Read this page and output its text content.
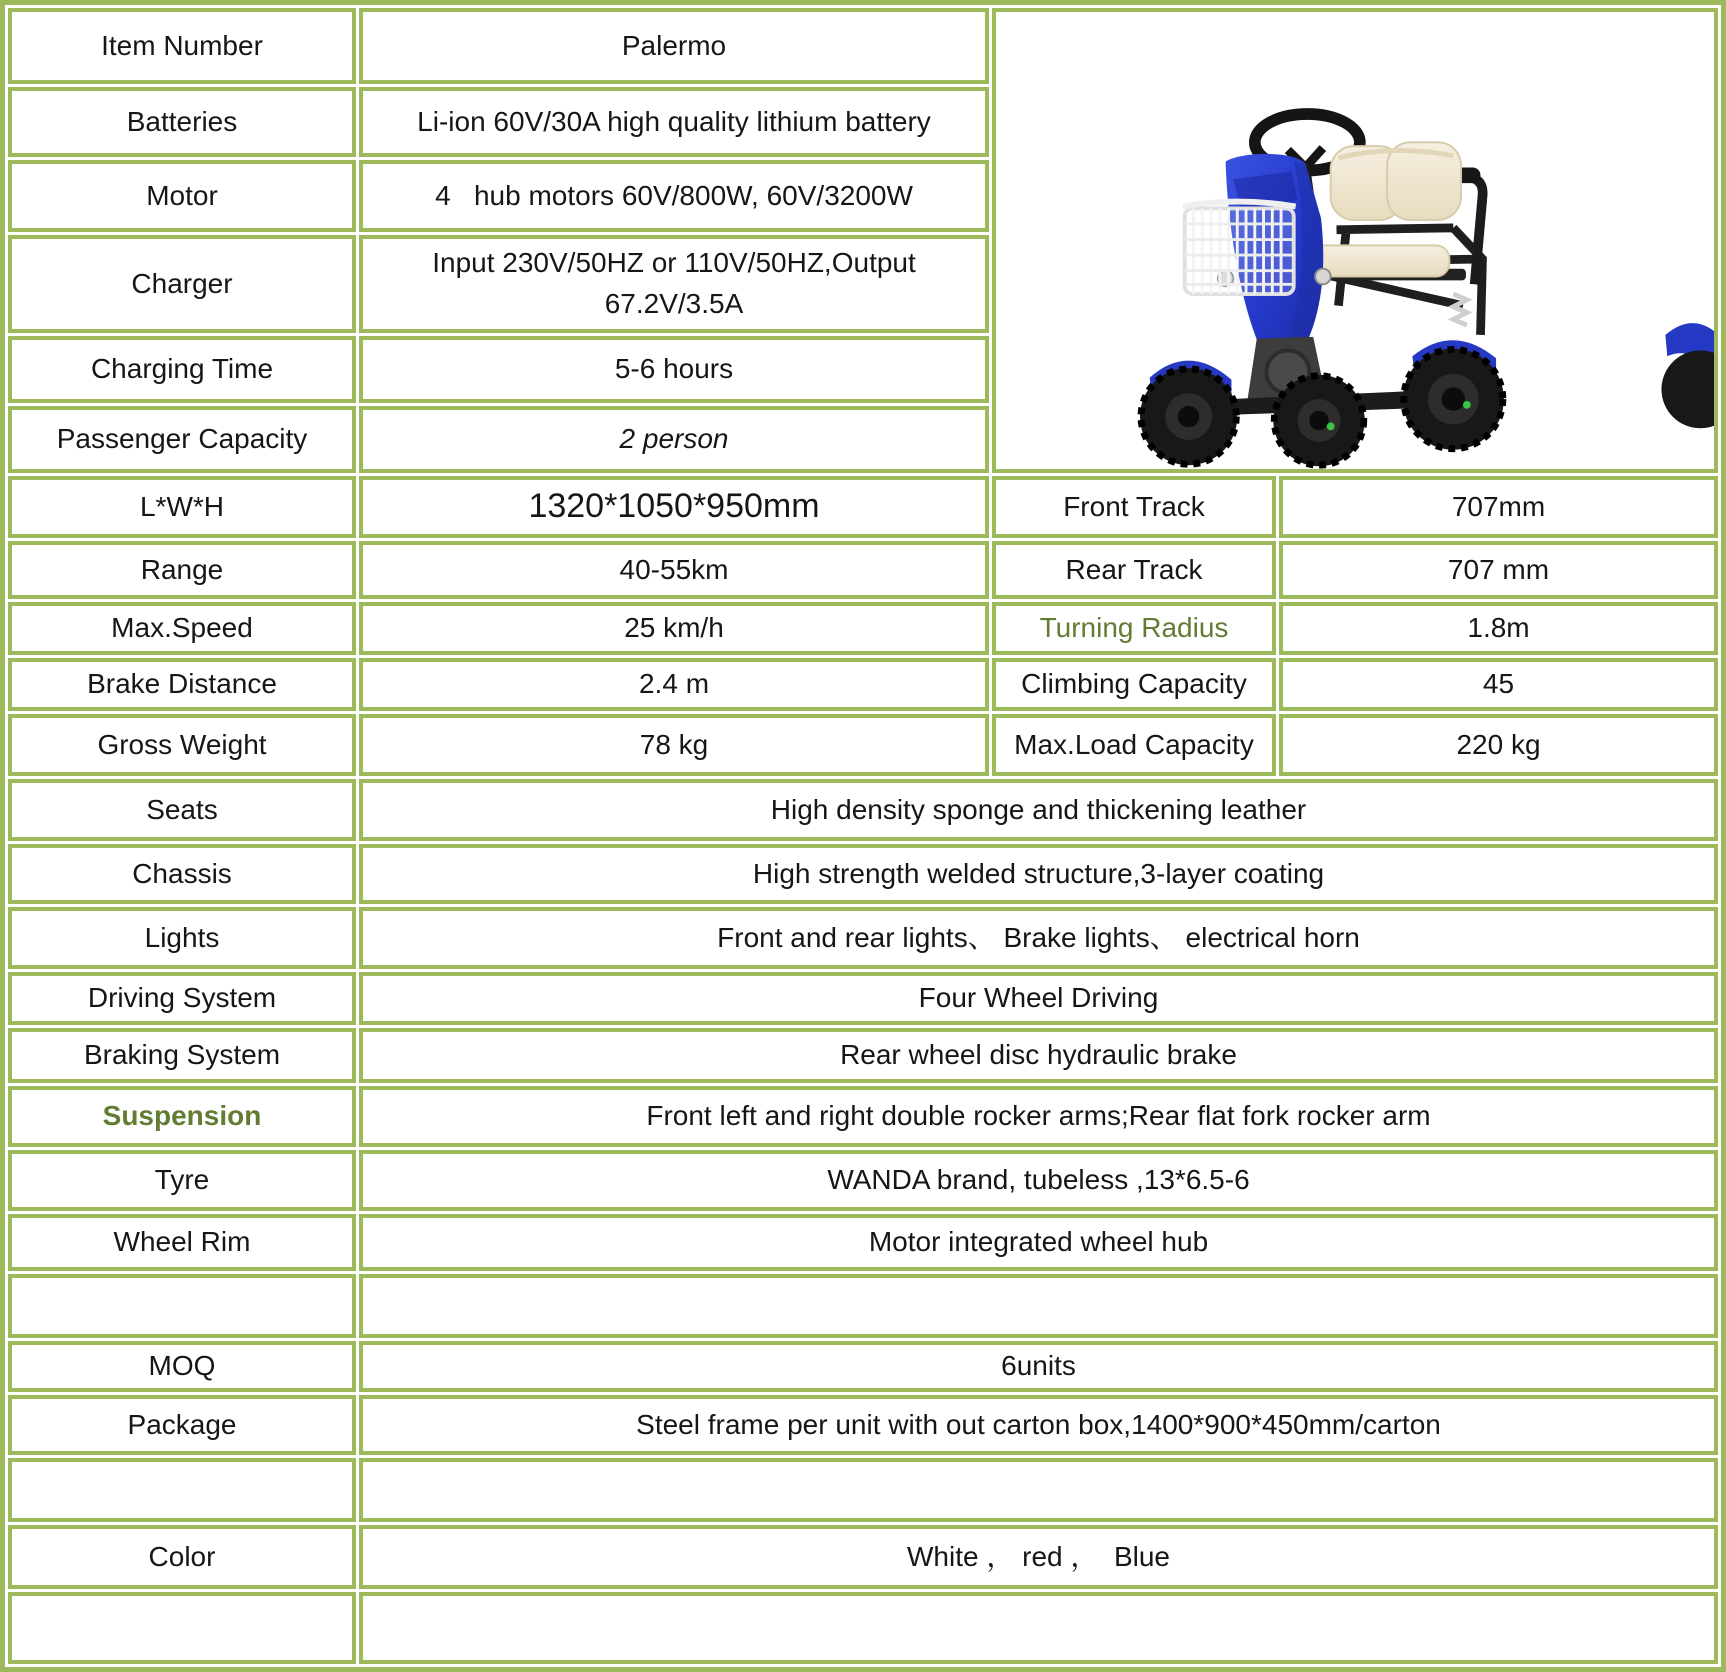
Item Number	Palermo	

Batteries	Li-ion 60V/30A high quality lithium battery		
Motor	4   hub motors 60V/800W, 60V/3200W		
Charger	Input 230V/50HZ or 110V/50HZ,Output 67.2V/3.5A		

Charging Time	5-6 hours		
Passenger Capacity	2 person		
L*W*H	1320*1050*950mm	Front Track	707mm
Range	40-55km	Rear Track	707 mm
Max.Speed	25 km/h	Turning Radius	1.8m
Brake Distance	2.4 m	Climbing Capacity	45
Gross Weight	78 kg	Max.Load Capacity	220 kg
Seats	High density sponge and thickening leather		
Chassis	High strength welded structure,3-layer coating		
Lights	Front and rear lights、 Brake lights、 electrical horn		
Driving System	Four Wheel Driving		
Braking System	Rear wheel disc hydraulic brake		
Suspension	Front left and right double rocker arms;Rear flat fork rocker arm		
Tyre	WANDA brand, tubeless ,13*6.5-6		
Wheel Rim	Motor integrated wheel hub		

MOQ	6units		
Package	Steel frame per unit with out carton box,1400*900*450mm/carton		

Color	White ， red ，  Blue		
